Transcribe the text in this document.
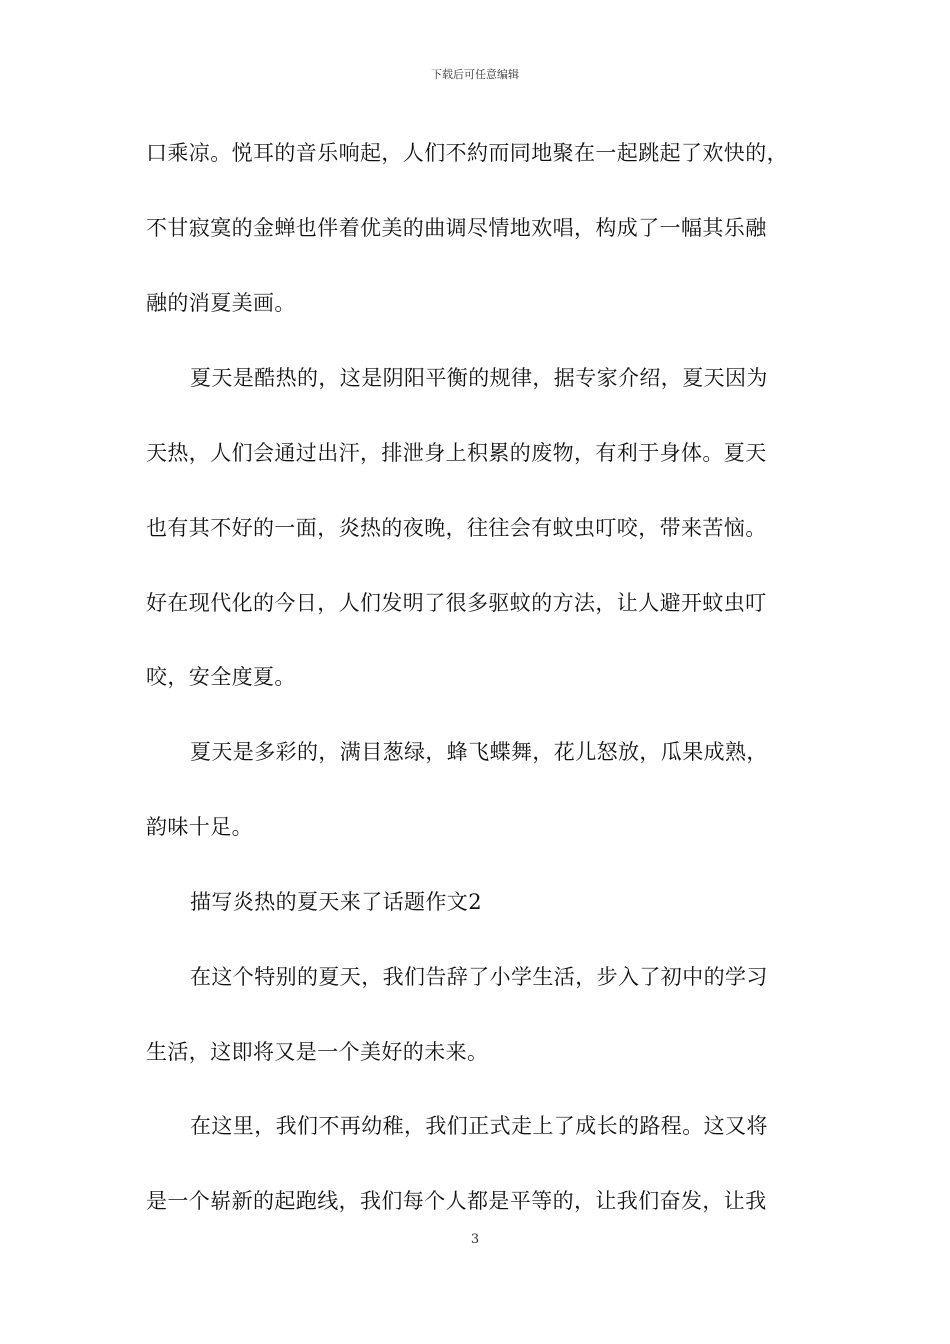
下载后可任意编辑
口乘凉。悦耳的音乐响起，人们不約而同地聚在一起跳起了欢快的，
不甘寂寞的金蝉也伴着优美的曲调尽情地欢唱，构成了一幅其乐融
融的消夏美画。
夏天是酷热的，这是阴阳平衡的规律，据专家介绍，夏天因为
天热，人们会通过出汗，排泄身上积累的废物，有利于身体。夏天
也有其不好的一面，炎热的夜晚，往往会有蚊虫叮咬，带来苦恼。
好在现代化的今日，人们发明了很多驱蚊的方法，让人避开蚊虫叮
咬，安全度夏。
夏天是多彩的，满目葱绿，蜂飞蝶舞，花儿怒放，瓜果成熟，
韵味十足。
描写炎热的夏天来了话题作文2
在这个特别的夏天，我们告辞了小学生活，步入了初中的学习
生活，这即将又是一个美好的未来。
在这里，我们不再幼稚，我们正式走上了成长的路程。这又将
是一个崭新的起跑线，我们每个人都是平等的，让我们奋发，让我
3
